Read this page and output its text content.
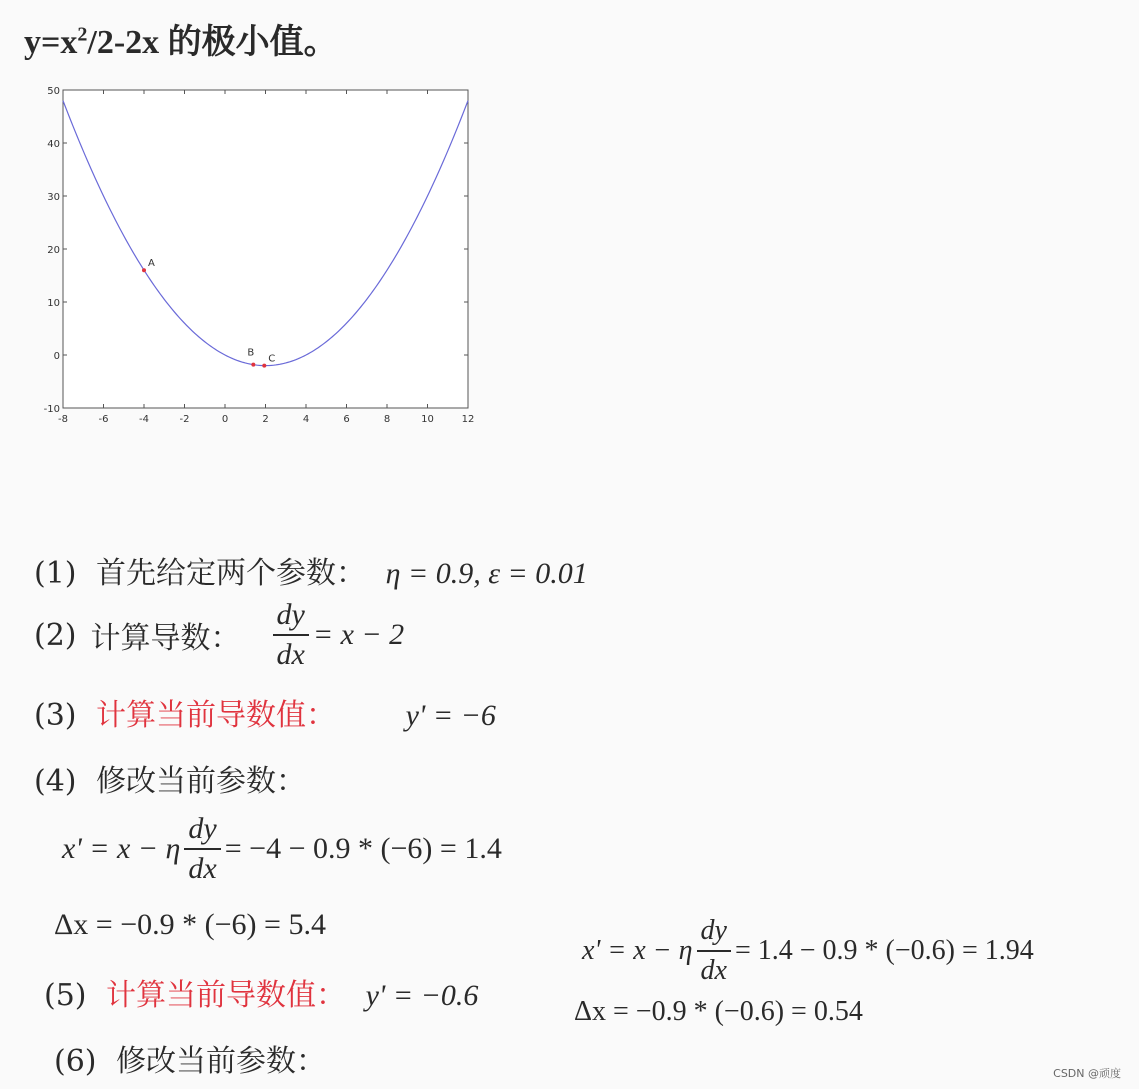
$y=x^2/2-2x$ 的极小值。
-8	-6	-4	-2	0	2	4	6	8	10	12
-10
0
10
20
30
40
50
A
B
C
(1) 首先给定两个参数： η = 0.9, ε = 0.01
(2) 计算导数：	$\frac{dy}{dx} = x - 2$
(3) 计算当前导数值： y' = −6
(4) 修改当前参数：
x' = x − η $\frac{dy}{dx} = -4 - 0.9 * (-6) = 1.4$
Δx = −0.9 * (−6) = 5.4
(5) 计算当前导数值： y' = −0.6
x' = x − η $\frac{dy}{dx} = 1.4 - 0.9 * (-0.6) = 1.94$
Δx = −0.9 * (−0.6) = 0.54
(6) 修改当前参数：	CSDN @顽度
